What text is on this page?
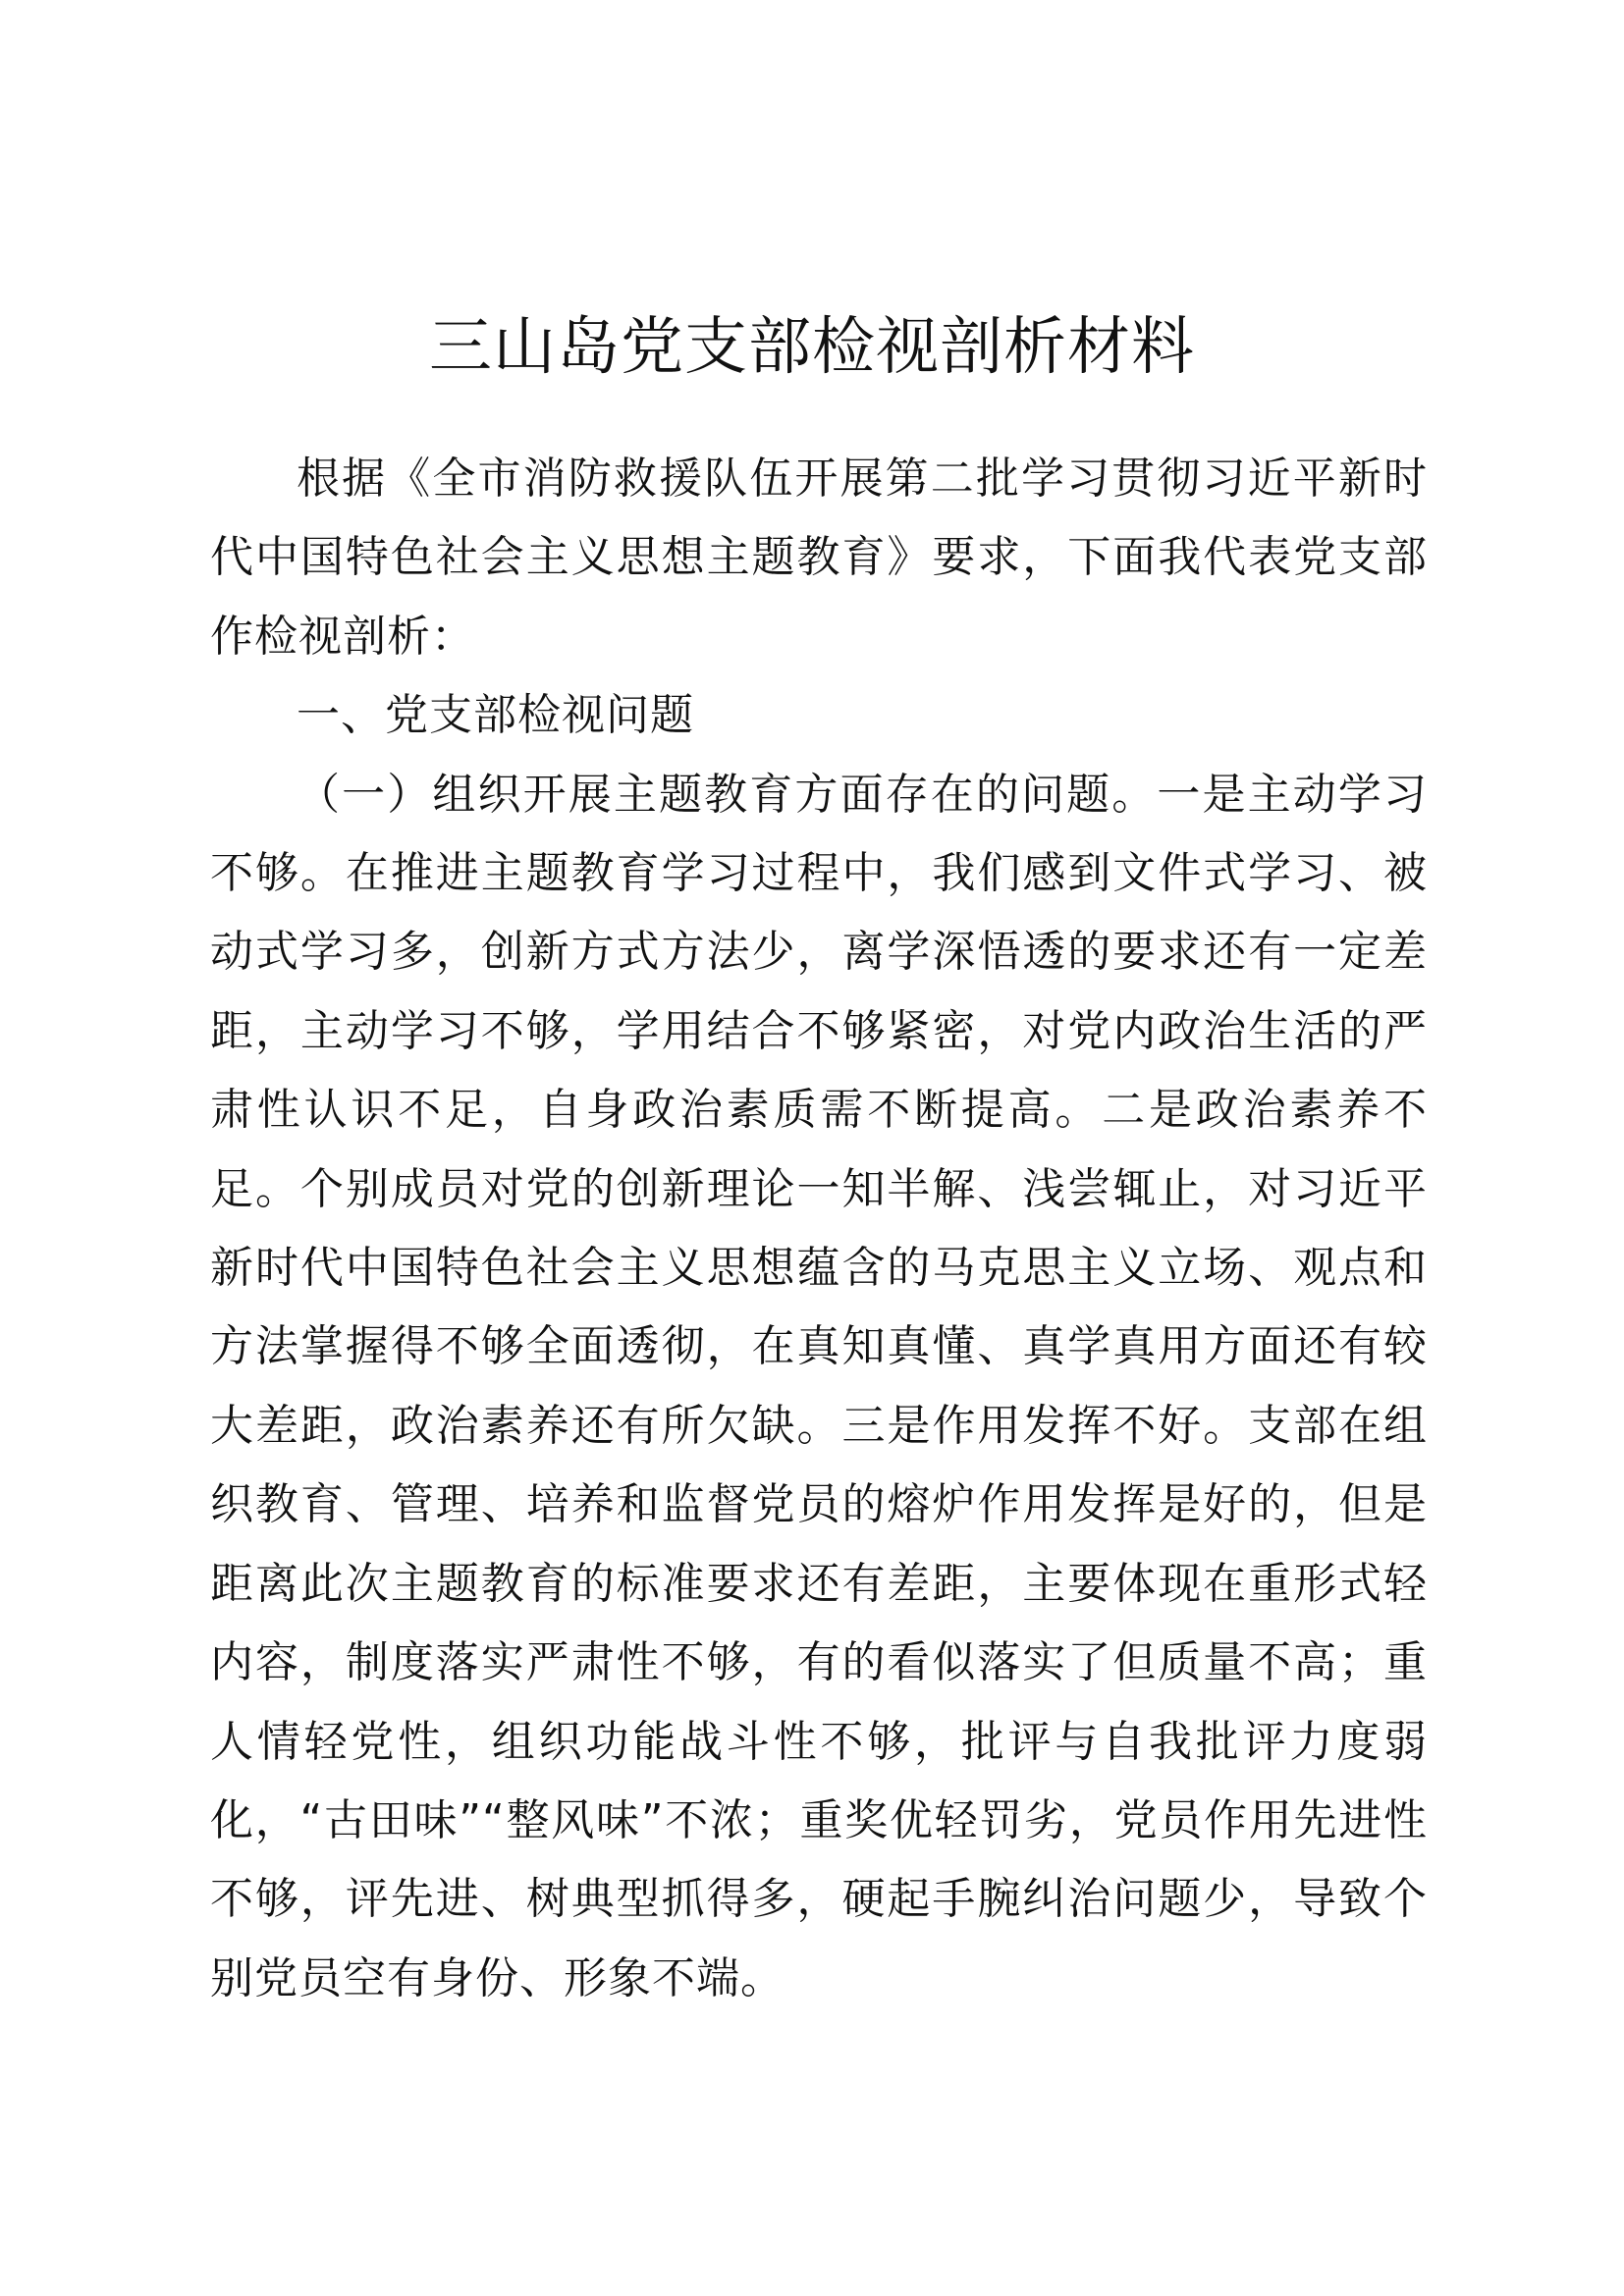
三山岛党支部检视剖析材料

根据《全市消防救援队伍开展第二批学习贯彻习近平新时代中国特色社会主义思想主题教育》要求，下面我代表党支部作检视剖析：

一、党支部检视问题

（一）组织开展主题教育方面存在的问题。一是主动学习不够。在推进主题教育学习过程中，我们感到文件式学习、被动式学习多，创新方式方法少，离学深悟透的要求还有一定差距，主动学习不够，学用结合不够紧密，对党内政治生活的严肃性认识不足，自身政治素质需不断提高。二是政治素养不足。个别成员对党的创新理论一知半解、浅尝辄止，对习近平新时代中国特色社会主义思想蕴含的马克思主义立场、观点和方法掌握得不够全面透彻，在真知真懂、真学真用方面还有较大差距，政治素养还有所欠缺。三是作用发挥不好。支部在组织教育、管理、培养和监督党员的熔炉作用发挥是好的，但是距离此次主题教育的标准要求还有差距，主要体现在重形式轻内容，制度落实严肃性不够，有的看似落实了但质量不高；重人情轻党性，组织功能战斗性不够，批评与自我批评力度弱化，“古田味”“整风味”不浓；重奖优轻罚劣，党员作用先进性不够，评先进、树典型抓得多，硬起手腕纠治问题少，导致个别党员空有身份、形象不端。
